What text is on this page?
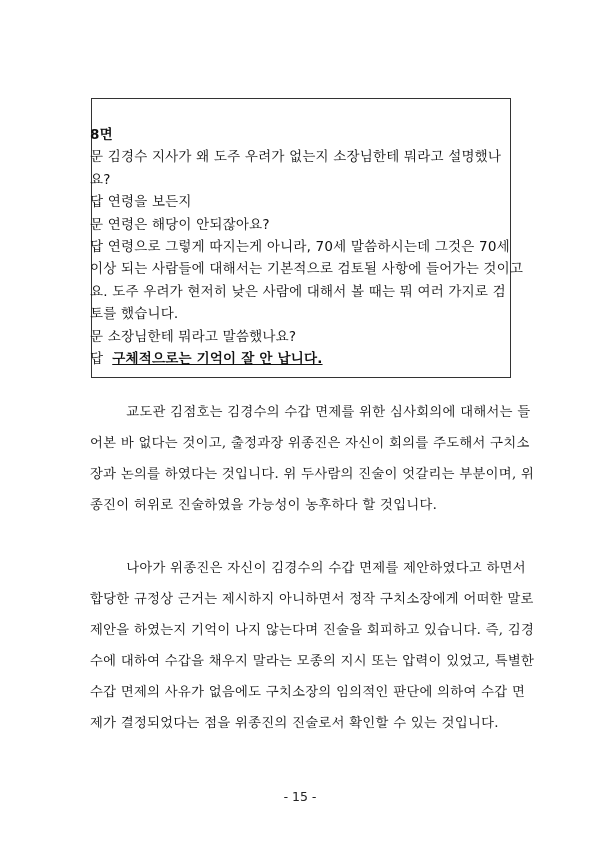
8면
문 김경수 지사가 왜 도주 우려가 없는지 소장님한테 뭐라고 설명했나
요?
답 연령을 보든지
문 연령은 해당이 안되잖아요?
답 연령으로 그렇게 따지는게 아니라, 70세 말씀하시는데 그것은 70세
이상 되는 사람들에 대해서는 기본적으로 검토될 사항에 들어가는 것이고
요. 도주 우려가 현저히 낮은 사람에 대해서 볼 때는 뭐 여러 가지로 검
토를 했습니다.
문 소장님한테 뭐라고 말씀했나요?
답  구체적으로는 기억이 잘 안 납니다.
교도관 김점호는 김경수의 수갑 면제를 위한 심사회의에 대해서는 들
어본 바 없다는 것이고, 출정과장 위종진은 자신이 회의를 주도해서 구치소
장과 논의를 하였다는 것입니다. 위 두사람의 진술이 엇갈리는 부분이며, 위
종진이 허위로 진술하였을 가능성이 농후하다 할 것입니다.
나아가 위종진은 자신이 김경수의 수갑 면제를 제안하였다고 하면서
합당한 규정상 근거는 제시하지 아니하면서 정작 구치소장에게 어떠한 말로
제안을 하였는지 기억이 나지 않는다며 진술을 회피하고 있습니다. 즉, 김경
수에 대하여 수갑을 채우지 말라는 모종의 지시 또는 압력이 있었고, 특별한
수갑 면제의 사유가 없음에도 구치소장의 임의적인 판단에 의하여 수갑 면
제가 결정되었다는 점을 위종진의 진술로서 확인할 수 있는 것입니다.
- 15 -
